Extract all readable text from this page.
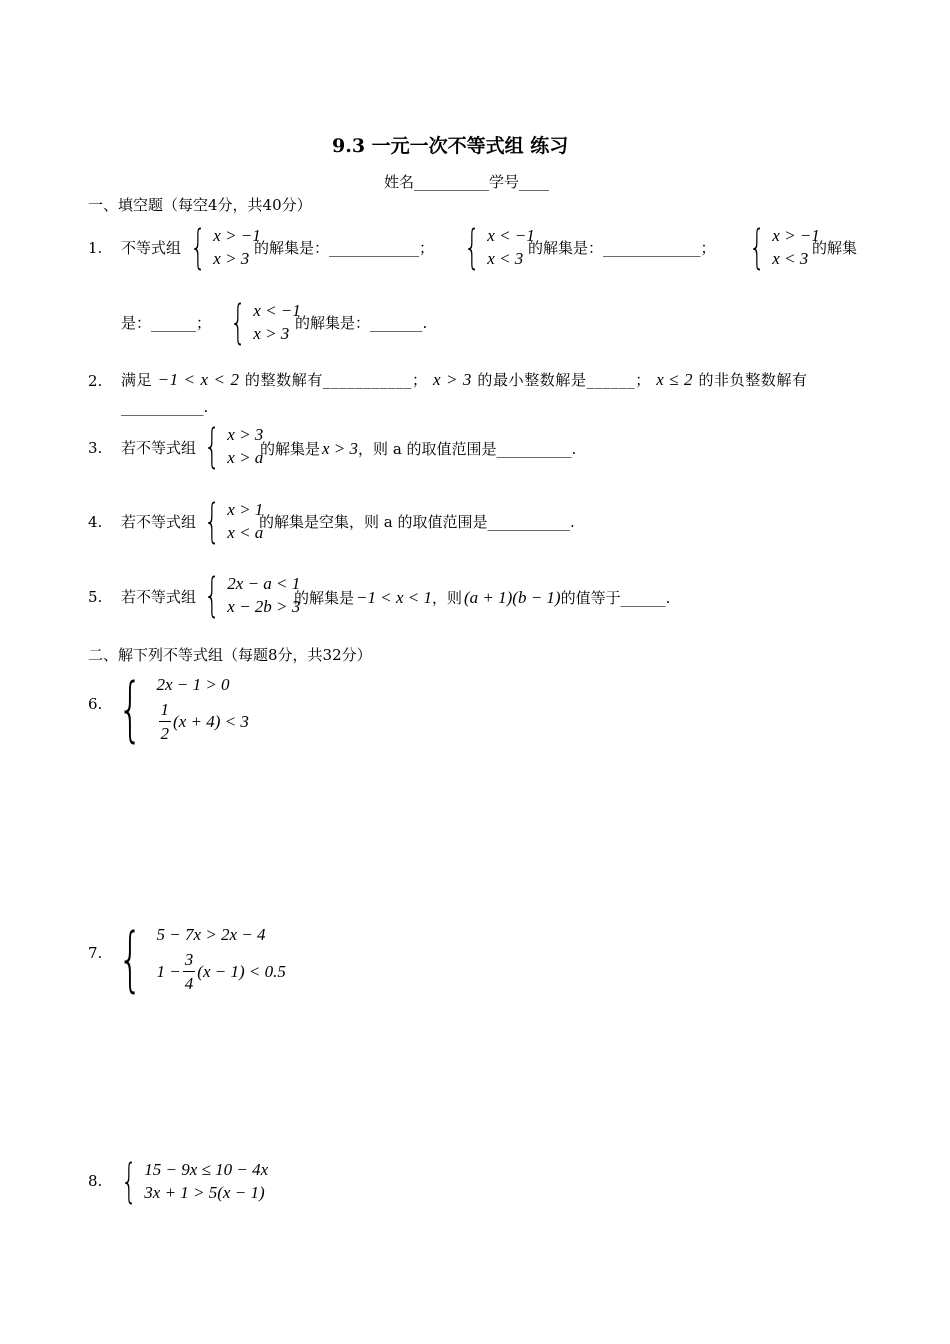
9.3 一元一次不等式组 练习
姓名__________学号____
一、填空题（每空4分，共40分）
1. 不等式组 { x > −1
x > 3
的解集是：____________； { x < −1
x < 3
的解集是：_____________； { x > −1
x < 3
的解集
是：______； { x < −1
x > 3
的解集是：_______.
2. 满足 −1 < x < 2 的整数解有___________； x > 3 的最小整数解是______； x ≤ 2 的非负整数解有
___________.
3. 若不等式组 { x > 3
x > a
的解集是 x > 3，则 a 的取值范围是__________.
4. 若不等式组 { x > 1
x < a
的解集是空集，则 a 的取值范围是___________.
5. 若不等式组 { 2x − a < 1
x − 2b > 3
的解集是 −1 < x < 1，则 (a + 1)(b − 1)的值等于______.
二、解下列不等式组（每题8分，共32分）
6. { 2x − 1 > 0
$\frac{1}{2} (x + 4) < 3$
7. { 5 − 7x > 2x − 4
$1 - \frac{3}{4} (x - 1) < 0.5$
8. { 15 − 9x ≤ 10 − 4x
3x + 1 > 5(x − 1)
